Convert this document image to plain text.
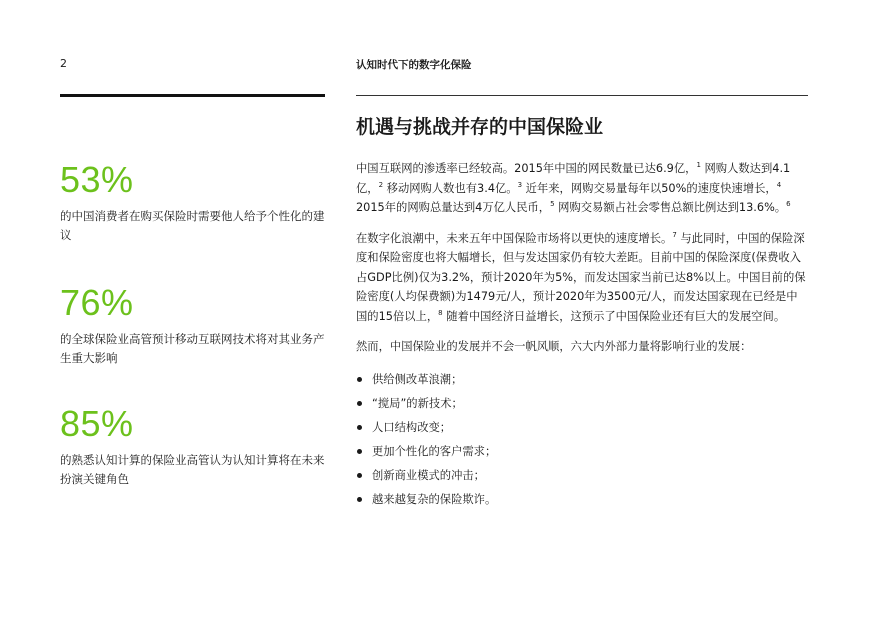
2	认知时代下的数字化保险
53%
的中国消费者在购买保险时需要他人给予个性化的建议
76%
的全球保险业高管预计移动互联网技术将对其业务产生重大影响
85%
的熟悉认知计算的保险业高管认为认知计算将在未来扮演关键角色
机遇与挑战并存的中国保险业

中国互联网的渗透率已经较高。2015年中国的网民数量已达6.9亿，$^1$ 网购人数达到4.1亿，$^2$ 移动网购人数也有3.4亿。$^3$ 近年来，网购交易量每年以50%的速度快速增长，$^4$ 2015年的网购总量达到4万亿人民币，$^5$ 网购交易额占社会零售总额比例达到13.6%。$^6$

在数字化浪潮中，未来五年中国保险市场将以更快的速度增长。$^7$ 与此同时，中国的保险深度和保险密度也将大幅增长，但与发达国家仍有较大差距。目前中国的保险深度(保费收入占GDP比例)仅为3.2%，预计2020年为5%，而发达国家当前已达8%以上。中国目前的保险密度(人均保费额)为1479元/人，预计2020年为3500元/人，而发达国家现在已经是中国的15倍以上，$^8$ 随着中国经济日益增长，这预示了中国保险业还有巨大的发展空间。

然而，中国保险业的发展并不会一帆风顺，六大内外部力量将影响行业的发展：

供给侧改革浪潮；
“搅局”的新技术；
人口结构改变；
更加个性化的客户需求；
创新商业模式的冲击；
越来越复杂的保险欺诈。
